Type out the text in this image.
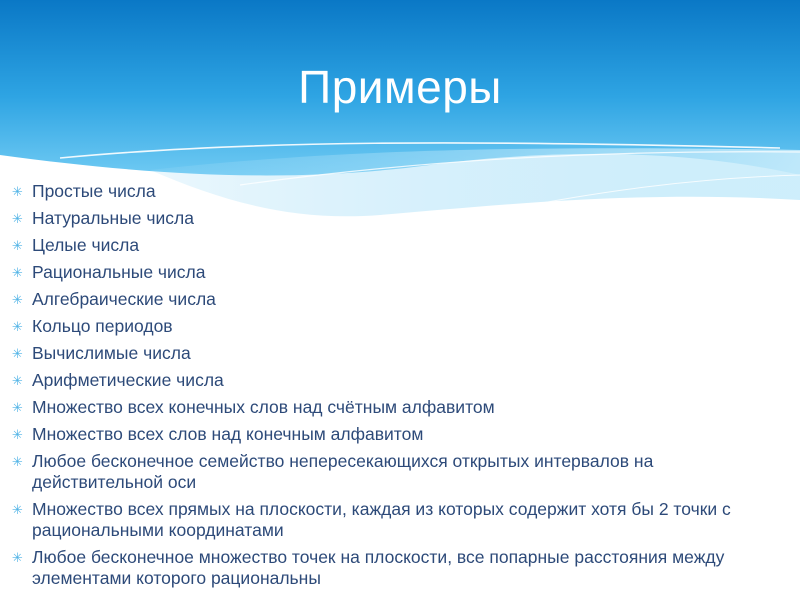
Примеры
✳ Простые числа
✳ Натуральные числа
✳ Целые числа
✳ Рациональные числа
✳ Алгебраические числа
✳ Кольцо периодов
✳ Вычислимые числа
✳ Арифметические числа
✳ Множество всех конечных слов над счётным алфавитом
✳ Множество всех слов над конечным алфавитом
✳ Любое бесконечное семейство непересекающихся открытых интервалов на действительной оси
✳ Множество всех прямых на плоскости, каждая из которых содержит хотя бы 2 точки с рациональными координатами
✳ Любое бесконечное множество точек на плоскости, все попарные расстояния между элементами которого рациональны
